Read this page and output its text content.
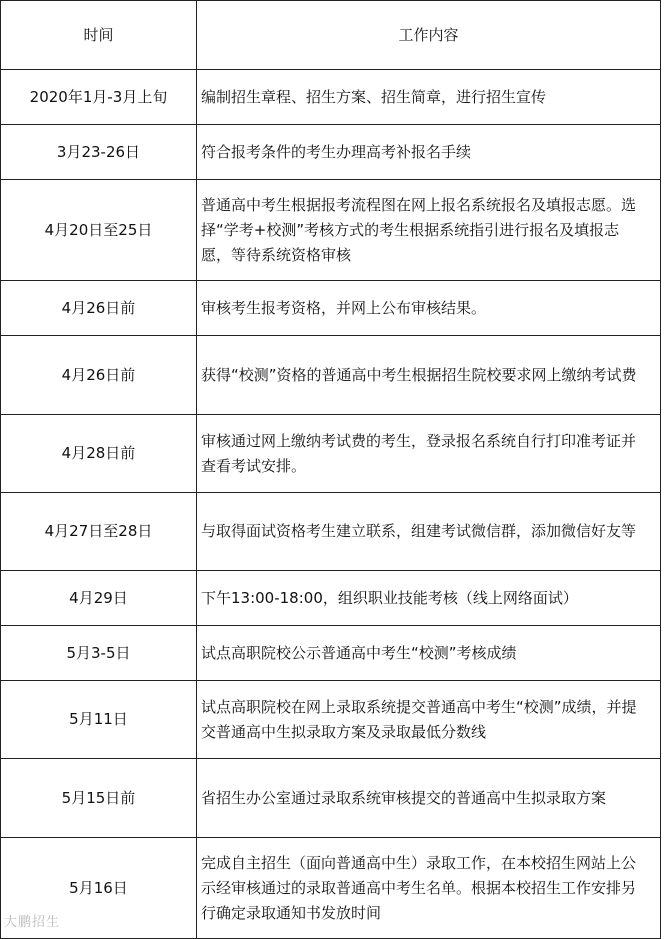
时间	工作内容
2020年1月-3月上旬	编制招生章程、招生方案、招生简章，进行招生宣传
3月23-26日	符合报考条件的考生办理高考补报名手续
4月20日至25日	普通高中考生根据报考流程图在网上报名系统报名及填报志愿。选择“学考+校测”考核方式的考生根据系统指引进行报名及填报志愿，等待系统资格审核
4月26日前	审核考生报考资格，并网上公布审核结果。
4月26日前	获得“校测”资格的普通高中考生根据招生院校要求网上缴纳考试费
4月28日前	审核通过网上缴纳考试费的考生，登录报名系统自行打印准考证并查看考试安排。
4月27日至28日	与取得面试资格考生建立联系，组建考试微信群，添加微信好友等
4月29日	下午13:00-18:00，组织职业技能考核（线上网络面试）
5月3-5日	试点高职院校公示普通高中考生“校测”考核成绩
5月11日	试点高职院校在网上录取系统提交普通高中考生“校测”成绩，并提交普通高中生拟录取方案及录取最低分数线
5月15日前	省招生办公室通过录取系统审核提交的普通高中生拟录取方案
5月16日	完成自主招生（面向普通高中生）录取工作，在本校招生网站上公示经审核通过的录取普通高中考生名单。根据本校招生工作安排另行确定录取通知书发放时间
大鹏招生
